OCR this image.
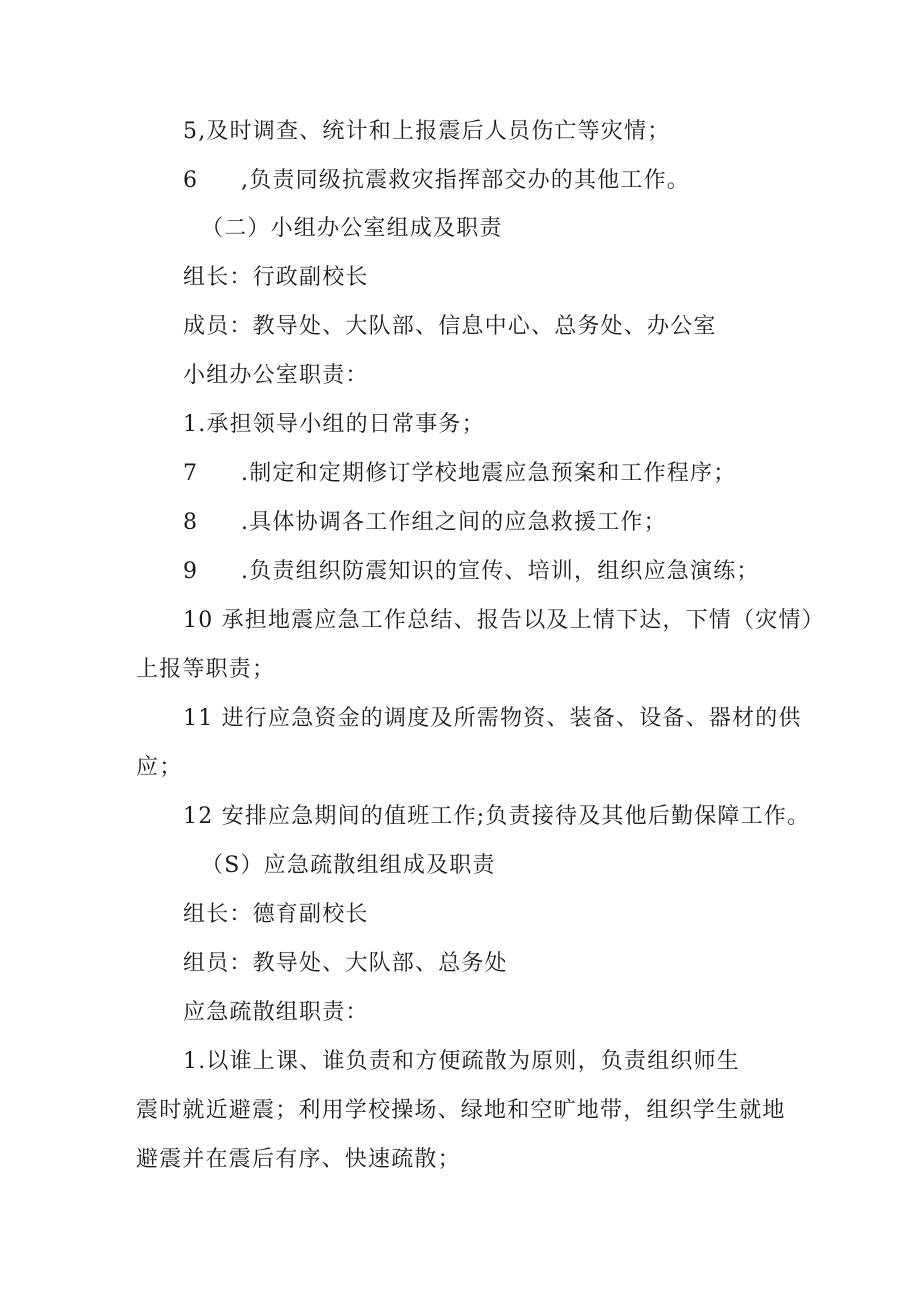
5,及时调查、统计和上报震后人员伤亡等灾情；
6 ,负责同级抗震救灾指挥部交办的其他工作。
（二）小组办公室组成及职责
组长：行政副校长
成员：教导处、大队部、信息中心、总务处、办公室
小组办公室职责：
1.承担领导小组的日常事务；
7 .制定和定期修订学校地震应急预案和工作程序；
8 .具体协调各工作组之间的应急救援工作；
9 .负责组织防震知识的宣传、培训，组织应急演练；
10 承担地震应急工作总结、报告以及上情下达，下情（灾情）
上报等职责；
11 进行应急资金的调度及所需物资、装备、设备、器材的供
应；
12 安排应急期间的值班工作;负责接待及其他后勤保障工作。
（S）应急疏散组组成及职责
组长：德育副校长
组员：教导处、大队部、总务处
应急疏散组职责：
1.以谁上课、谁负责和方便疏散为原则，负责组织师生
震时就近避震；利用学校操场、绿地和空旷地带，组织学生就地
避震并在震后有序、快速疏散；
